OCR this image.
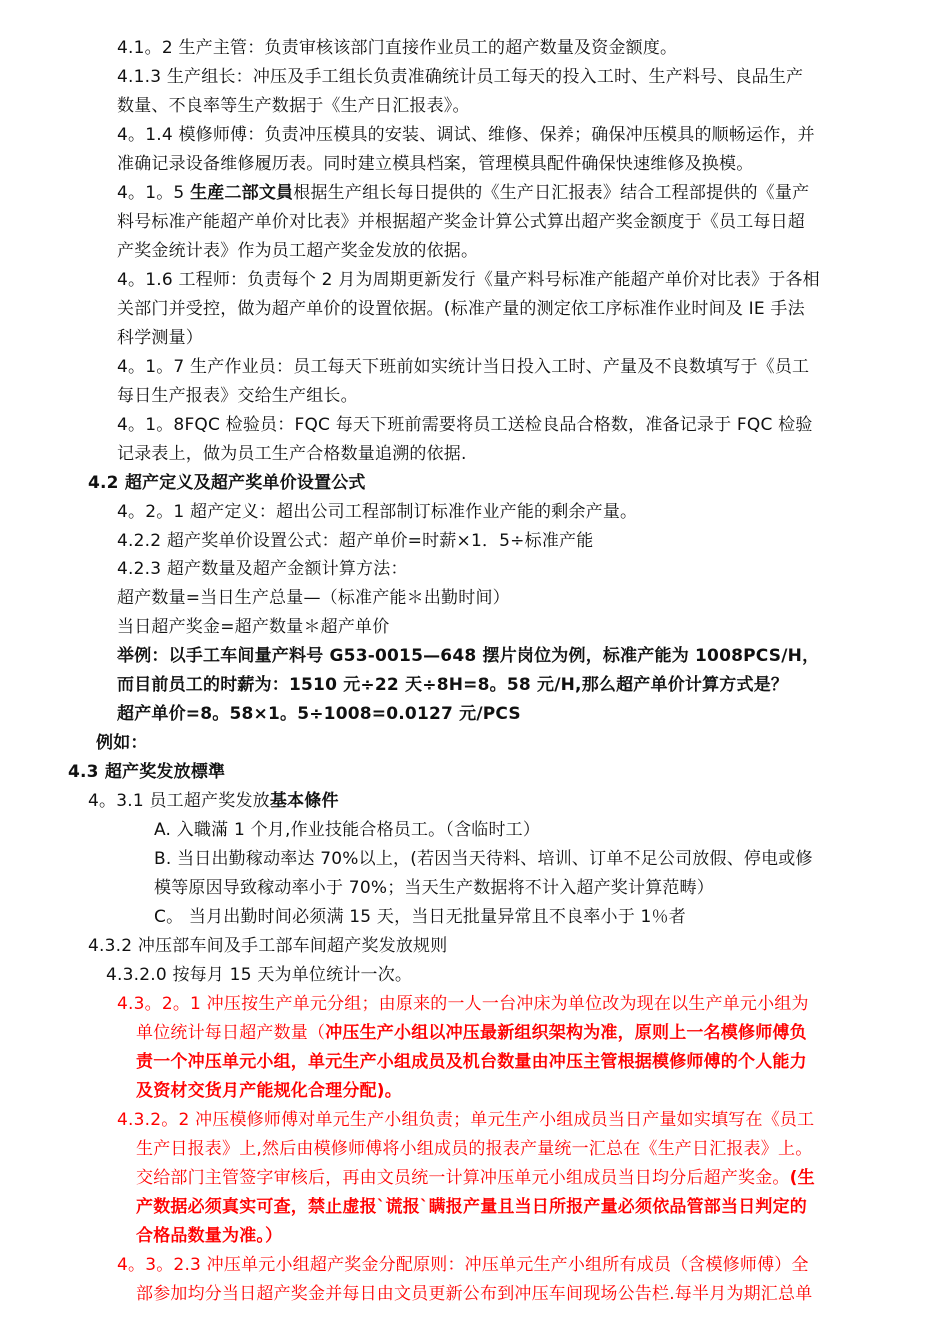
4.1。2 生产主管：负责审核该部门直接作业员工的超产数量及资金额度。
4.1.3 生产组长：冲压及手工组长负责准确统计员工每天的投入工时、生产料号、良品生产
数量、不良率等生产数据于《生产日汇报表》。
4。1.4 模修师傅：负责冲压模具的安装、调试、维修、保养；确保冲压模具的顺畅运作，并
准确记录设备维修履历表。同时建立模具档案，管理模具配件确保快速维修及换模。
4。1。5 生産二部文員根据生产组长每日提供的《生产日汇报表》结合工程部提供的《量产
料号标准产能超产单价对比表》并根据超产奖金计算公式算出超产奖金额度于《员工每日超
产奖金统计表》作为员工超产奖金发放的依据。
4。1.6 工程师：负责每个 2 月为周期更新发行《量产料号标准产能超产单价对比表》于各相
关部门并受控，做为超产单价的设置依据。(标准产量的测定依工序标准作业时间及 IE 手法
科学测量）
4。1。7 生产作业员：员工每天下班前如实统计当日投入工时、产量及不良数填写于《员工
每日生产报表》交给生产组长。
4。1。8FQC 检验员：FQC 每天下班前需要将员工送检良品合格数，准备记录于 FQC 检验
记录表上，做为员工生产合格数量追溯的依据.
4.2 超产定义及超产奖单价设置公式
4。2。1 超产定义：超出公司工程部制订标准作业产能的剩余产量。
4.2.2 超产奖单价设置公式：超产单价=时薪×1．5÷标准产能
4.2.3 超产数量及超产金额计算方法：
超产数量=当日生产总量—（标准产能＊出勤时间）
当日超产奖金=超产数量＊超产单价
举例：以手工车间量产料号 G53-0015—648 摆片岗位为例，标准产能为 1008PCS/H，
而目前员工的时薪为：1510 元÷22 天÷8H=8。58 元/H,那么超产单价计算方式是？
超产单价=8。58×1。5÷1008=0.0127 元/PCS
例如：
4.3 超产奖发放標準
4。3.1 员工超产奖发放基本條件
A. 入職滿 1 个月,作业技能合格员工。（含临时工）
B. 当日出勤稼动率达 70%以上，(若因当天待料、培训、订单不足公司放假、停电或修
模等原因导致稼动率小于 70%；当天生产数据将不计入超产奖计算范畴）
C。 当月出勤时间必须满 15 天，当日无批量异常且不良率小于 1％者
4.3.2 冲压部车间及手工部车间超产奖发放规则
4.3.2.0 按每月 15 天为单位统计一次。
4.3。2。1 冲压按生产单元分组；由原来的一人一台冲床为单位改为现在以生产单元小组为
单位统计每日超产数量（冲压生产小组以冲压最新组织架构为准，原则上一名模修师傅负
责一个冲压单元小组，单元生产小组成员及机台数量由冲压主管根据模修师傅的个人能力
及资材交货月产能规化合理分配)。
4.3.2。2 冲压模修师傅对单元生产小组负责；单元生产小组成员当日产量如实填写在《员工
生产日报表》上,然后由模修师傅将小组成员的报表产量统一汇总在《生产日汇报表》上。
交给部门主管签字审核后，再由文员统一计算冲压单元小组成员当日均分后超产奖金。(生
产数据必须真实可查，禁止虚报`谎报`瞒报产量且当日所报产量必须依品管部当日判定的
合格品数量为准。）
4。3。2.3 冲压单元小组超产奖金分配原则：冲压单元生产小组所有成员（含模修师傅）全
部参加均分当日超产奖金并每日由文员更新公布到冲压车间现场公告栏.每半月为期汇总单
